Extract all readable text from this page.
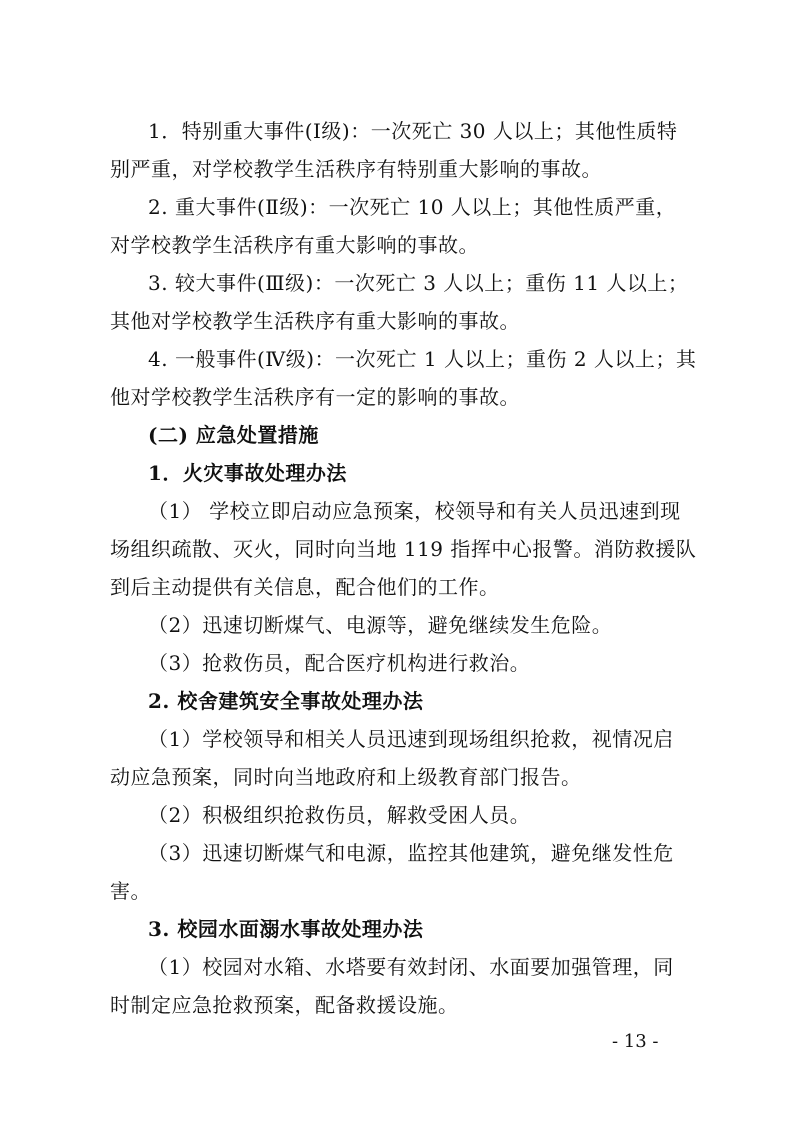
1．特别重大事件(Ⅰ级)：一次死亡 30 人以上；其他性质特
别严重，对学校教学生活秩序有特别重大影响的事故。
2. 重大事件(Ⅱ级)：一次死亡 10 人以上；其他性质严重，
对学校教学生活秩序有重大影响的事故。
3. 较大事件(Ⅲ级)：一次死亡 3 人以上；重伤 11 人以上；
其他对学校教学生活秩序有重大影响的事故。
4. 一般事件(Ⅳ级)：一次死亡 1 人以上；重伤 2 人以上；其
他对学校教学生活秩序有一定的影响的事故。
(二) 应急处置措施
1．火灾事故处理办法
（1） 学校立即启动应急预案，校领导和有关人员迅速到现
场组织疏散、灭火，同时向当地 119 指挥中心报警。消防救援队
到后主动提供有关信息，配合他们的工作。
（2）迅速切断煤气、电源等，避免继续发生危险。
（3）抢救伤员，配合医疗机构进行救治。
2. 校舍建筑安全事故处理办法
（1）学校领导和相关人员迅速到现场组织抢救，视情况启
动应急预案，同时向当地政府和上级教育部门报告。
（2）积极组织抢救伤员，解救受困人员。
（3）迅速切断煤气和电源，监控其他建筑，避免继发性危
害。
3. 校园水面溺水事故处理办法
（1）校园对水箱、水塔要有效封闭、水面要加强管理，同
时制定应急抢救预案，配备救援设施。
- 13 -
